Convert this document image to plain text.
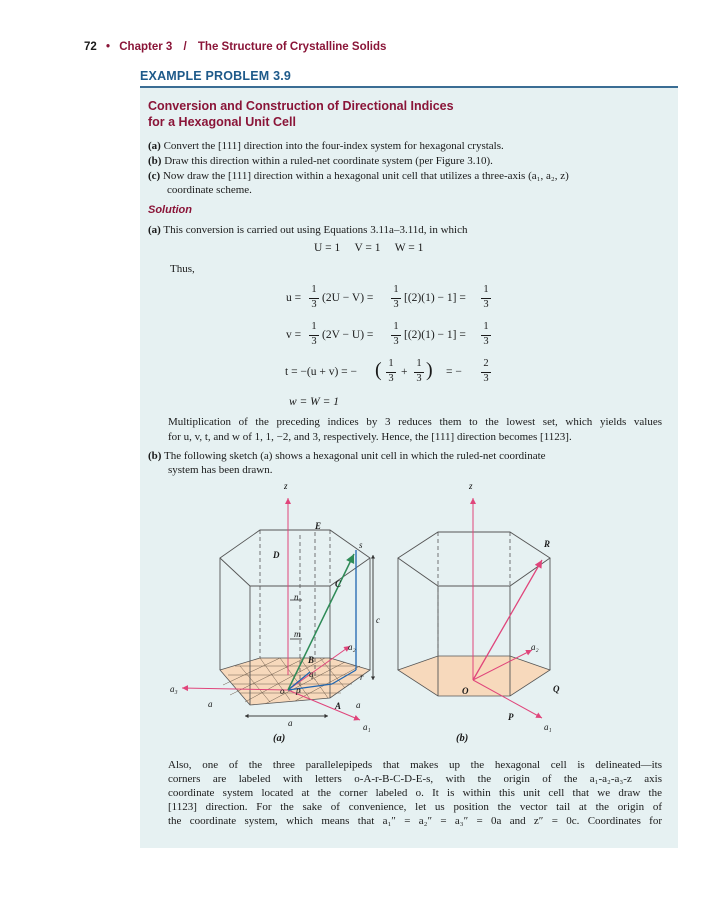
72 • Chapter 3 / The Structure of Crystalline Solids
EXAMPLE PROBLEM 3.9
Conversion and Construction of Directional Indices
for a Hexagonal Unit Cell
(a) Convert the [111] direction into the four-index system for hexagonal crystals.
(b) Draw this direction within a ruled-net coordinate system (per Figure 3.10).
(c) Now draw the [111] direction within a hexagonal unit cell that utilizes a three-axis (a₁, a₂, z)
coordinate scheme.
Solution
(a) This conversion is carried out using Equations 3.11a–3.11d, in which
U = 1     V = 1     W = 1
Thus,
u =
1
3
(2U − V) =
1
3
[(2)(1) − 1] =
1
3
v =
1
3
(2V − U) =
1
3
[(2)(1) − 1] =
1
3
t = −(u + v) = − ( 1
3
+
1
3 ) = −
2
3
w = W = 1
Multiplication of the preceding indices by 3 reduces them to the lowest set, which yields values
for u, v, t, and w of 1, 1, −2, and 3, respectively. Hence, the [111] direction becomes [1123].
(b) The following sketch (a) shows a hexagonal unit cell in which the ruled-net coordinate
system has been drawn.
z
E
D
C
s
n
m
B
a₂
c
q	r
p
o
A
a₃
a	a
a	a₁
z
R
a₂
O	Q
P
a₁
(a)	(b)
Also, one of the three parallelepipeds that makes up the hexagonal cell is delineated—its
corners are labeled with letters o-A-r-B-C-D-E-s, with the origin of the a₁-a₂-a₃-z axis
coordinate system located at the corner labeled o. It is within this unit cell that we draw the
[1123] direction. For the sake of convenience, let us position the vector tail at the origin of
the coordinate system, which means that a₁″ = a₂″ = a₃″ = 0a and z″ = 0c. Coordinates for
